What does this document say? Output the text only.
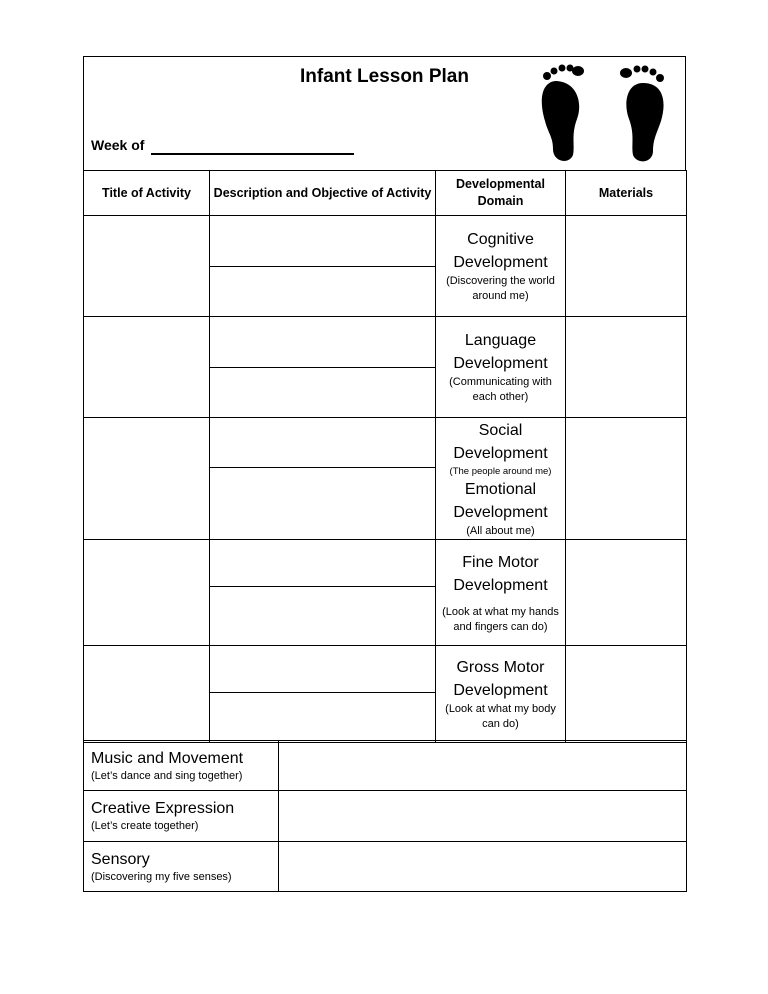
Infant Lesson Plan
Week of
Title of Activity	Description and Objective of Activity	Developmental Domain	Materials

		Cognitive Development
(Discovering the world around me)	

		Language Development
(Communicating with each other)	

		Social Development
(The people around me)
Emotional Development
(All about me)	

		Fine Motor Development
(Look at what my hands and fingers can do)	

		Gross Motor Development
(Look at what my body can do)	

Music and Movement
(Let’s dance and sing together)	

Creative Expression
(Let’s create together)	

Sensory
(Discovering my five senses)	
